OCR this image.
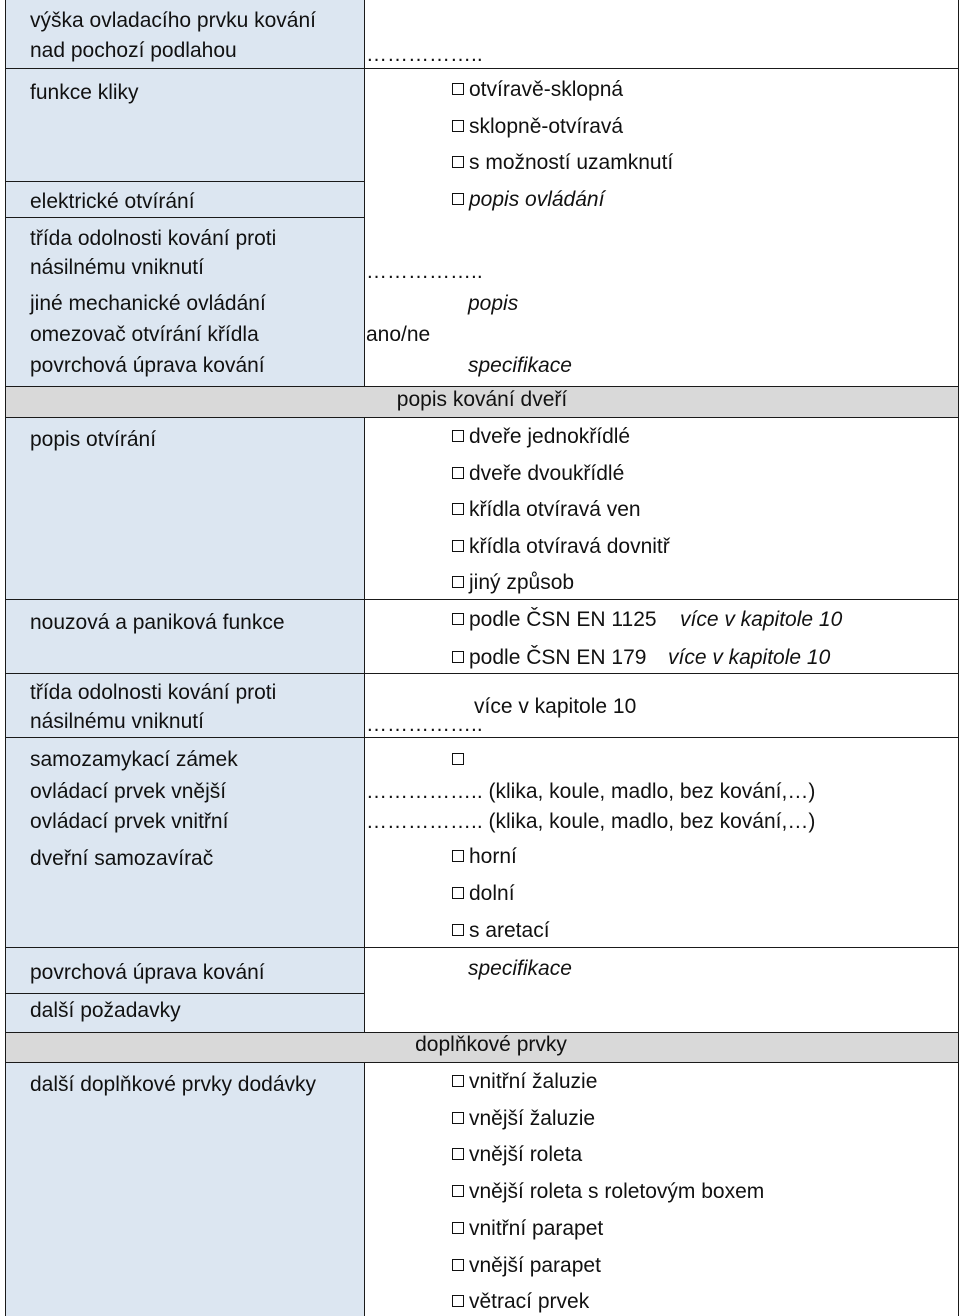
výška ovladacího prvku kování
nad pochozí podlahou	……………..
funkce kliky	otvíravě-sklopná
sklopně-otvíravá
s možností uzamknutí
elektrické otvírání	popis ovládání
třída odolnosti kování proti
násilnému vniknutí	……………..
jiné mechanické ovládání	popis
omezovač otvírání křídla	ano/ne
povrchová úprava kování	specifikace
popis kování dveří
popis otvírání	dveře jednokřídlé
dveře dvoukřídlé
křídla otvíravá ven
křídla otvíravá dovnitř
jiný způsob
nouzová a paniková funkce	podle ČSN EN 1125 více v kapitole 10
podle ČSN EN 179 více v kapitole 10
třída odolnosti kování proti
násilnému vniknutí	……………..
více v kapitole 10
samozamykací zámek
ovládací prvek vnější	…………….. (klika, koule, madlo, bez kování,…)
ovládací prvek vnitřní	…………….. (klika, koule, madlo, bez kování,…)
dveřní samozavírač	horní
dolní
s aretací
povrchová úprava kování	specifikace
další požadavky
doplňkové prvky
další doplňkové prvky dodávky	vnitřní žaluzie
vnější žaluzie
vnější roleta
vnější roleta s roletovým boxem
vnitřní parapet
vnější parapet
větrací prvek
